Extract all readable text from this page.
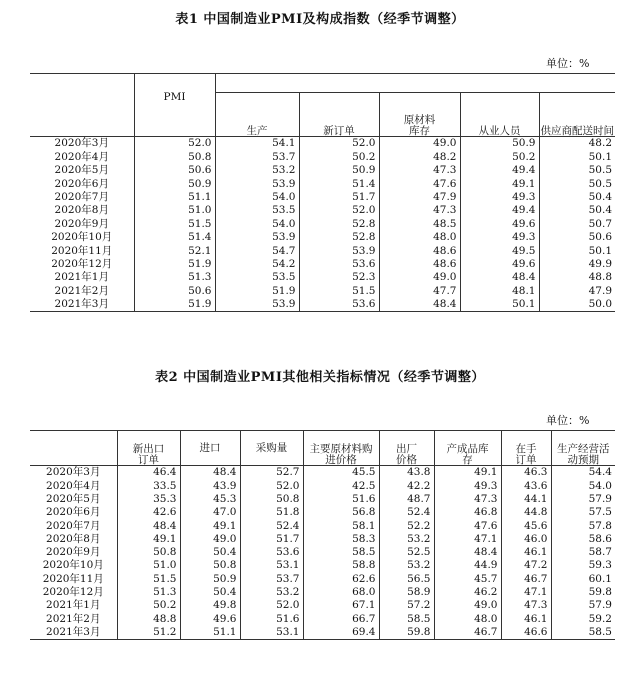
表1 中国制造业PMI及构成指数（经季节调整）
单位：%
	PMI					
		生产	新订单	原材料库存	从业人员	供应商配送时间
2020年3月	52.0	54.1	52.0	49.0	50.9	48.2
2020年4月	50.8	53.7	50.2	48.2	50.2	50.1
2020年5月	50.6	53.2	50.9	47.3	49.4	50.5
2020年6月	50.9	53.9	51.4	47.6	49.1	50.5
2020年7月	51.1	54.0	51.7	47.9	49.3	50.4
2020年8月	51.0	53.5	52.0	47.3	49.4	50.4
2020年9月	51.5	54.0	52.8	48.5	49.6	50.7
2020年10月	51.4	53.9	52.8	48.0	49.3	50.6
2020年11月	52.1	54.7	53.9	48.6	49.5	50.1
2020年12月	51.9	54.2	53.6	48.6	49.6	49.9
2021年1月	51.3	53.5	52.3	49.0	48.4	48.8
2021年2月	50.6	51.9	51.5	47.7	48.1	47.9
2021年3月	51.9	53.9	53.6	48.4	50.1	50.0
表2 中国制造业PMI其他相关指标情况（经季节调整）
单位：%
	新出口订单	进口	采购量	主要原材料购进价格	出厂价格	产成品库存	在手订单	生产经营活动预期
2020年3月	46.4	48.4	52.7	45.5	43.8	49.1	46.3	54.4
2020年4月	33.5	43.9	52.0	42.5	42.2	49.3	43.6	54.0
2020年5月	35.3	45.3	50.8	51.6	48.7	47.3	44.1	57.9
2020年6月	42.6	47.0	51.8	56.8	52.4	46.8	44.8	57.5
2020年7月	48.4	49.1	52.4	58.1	52.2	47.6	45.6	57.8
2020年8月	49.1	49.0	51.7	58.3	53.2	47.1	46.0	58.6
2020年9月	50.8	50.4	53.6	58.5	52.5	48.4	46.1	58.7
2020年10月	51.0	50.8	53.1	58.8	53.2	44.9	47.2	59.3
2020年11月	51.5	50.9	53.7	62.6	56.5	45.7	46.7	60.1
2020年12月	51.3	50.4	53.2	68.0	58.9	46.2	47.1	59.8
2021年1月	50.2	49.8	52.0	67.1	57.2	49.0	47.3	57.9
2021年2月	48.8	49.6	51.6	66.7	58.5	48.0	46.1	59.2
2021年3月	51.2	51.1	53.1	69.4	59.8	46.7	46.6	58.5
